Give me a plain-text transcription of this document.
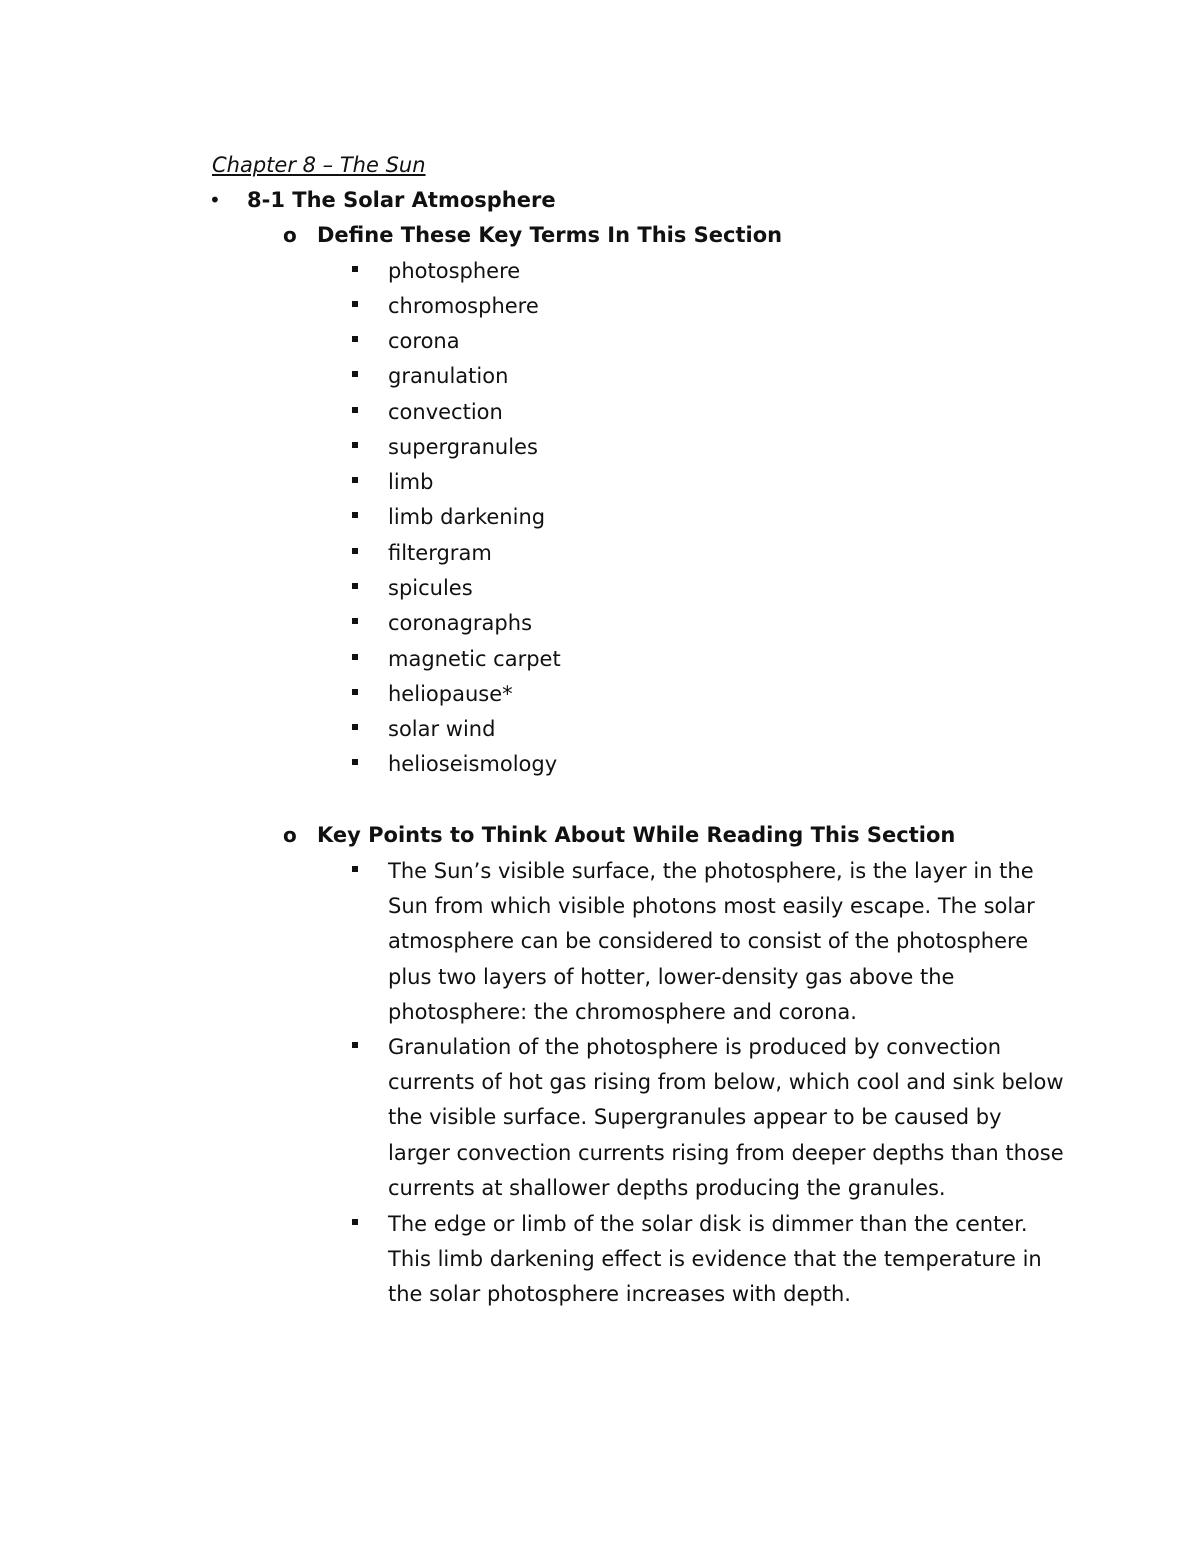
Chapter 8 – The Sun
• 8-1 The Solar Atmosphere
o Define These Key Terms In This Section
photosphere
chromosphere
corona
granulation
convection
supergranules
limb
limb darkening
filtergram
spicules
coronagraphs
magnetic carpet
heliopause*
solar wind
helioseismology
o Key Points to Think About While Reading This Section
The Sun’s visible surface, the photosphere, is the layer in the Sun from which visible photons most easily escape. The solar atmosphere can be considered to consist of the photosphere plus two layers of hotter, lower-density gas above the photosphere: the chromosphere and corona.
Granulation of the photosphere is produced by convection currents of hot gas rising from below, which cool and sink below the visible surface. Supergranules appear to be caused by larger convection currents rising from deeper depths than those currents at shallower depths producing the granules.
The edge or limb of the solar disk is dimmer than the center. This limb darkening effect is evidence that the temperature in the solar photosphere increases with depth.
